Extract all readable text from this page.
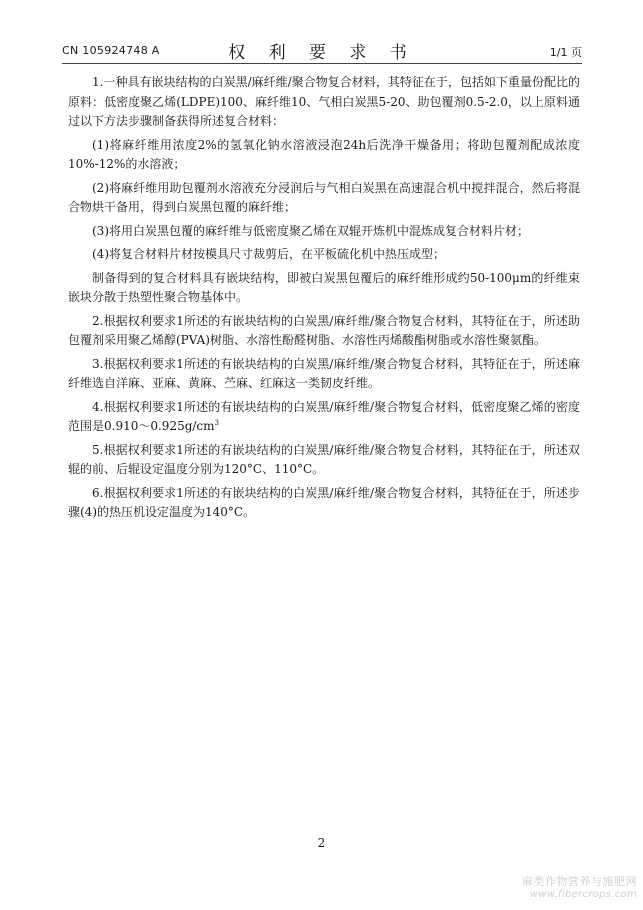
CN 105924748 A	权 利 要 求 书	1/1 页

1.一种具有嵌块结构的白炭黑/麻纤维/聚合物复合材料，其特征在于，包括如下重量份配比的原料：低密度聚乙烯(LDPE)100、麻纤维10、气相白炭黑5-20、助包覆剂0.5-2.0，以上原料通过以下方法步骤制备获得所述复合材料：

(1)将麻纤维用浓度2%的氢氧化钠水溶液浸泡24h后洗净干燥备用；将助包覆剂配成浓度10%-12%的水溶液；

(2)将麻纤维用助包覆剂水溶液充分浸润后与气相白炭黑在高速混合机中搅拌混合，然后将混合物烘干备用，得到白炭黑包覆的麻纤维；

(3)将用白炭黑包覆的麻纤维与低密度聚乙烯在双辊开炼机中混炼成复合材料片材；

(4)将复合材料片材按模具尺寸裁剪后，在平板硫化机中热压成型；

制备得到的复合材料具有嵌块结构，即被白炭黑包覆后的麻纤维形成约50-100μm的纤维束嵌块分散于热塑性聚合物基体中。

2.根据权利要求1所述的有嵌块结构的白炭黑/麻纤维/聚合物复合材料，其特征在于，所述助包覆剂采用聚乙烯醇(PVA)树脂、水溶性酚醛树脂、水溶性丙烯酸酯树脂或水溶性聚氨酯。

3.根据权利要求1所述的有嵌块结构的白炭黑/麻纤维/聚合物复合材料，其特征在于，所述麻纤维选自洋麻、亚麻、黄麻、苎麻、红麻这一类韧皮纤维。

4.根据权利要求1所述的有嵌块结构的白炭黑/麻纤维/聚合物复合材料，低密度聚乙烯的密度范围是$0.910\sim 0.925g/cm^3$

5.根据权利要求1所述的有嵌块结构的白炭黑/麻纤维/聚合物复合材料，其特征在于，所述双辊的前、后辊设定温度分别为120°C、110°C。

6.根据权利要求1所述的有嵌块结构的白炭黑/麻纤维/聚合物复合材料，其特征在于，所述步骤(4)的热压机设定温度为140°C。

2
麻类作物营养与施肥网
www.fibercrops.com
